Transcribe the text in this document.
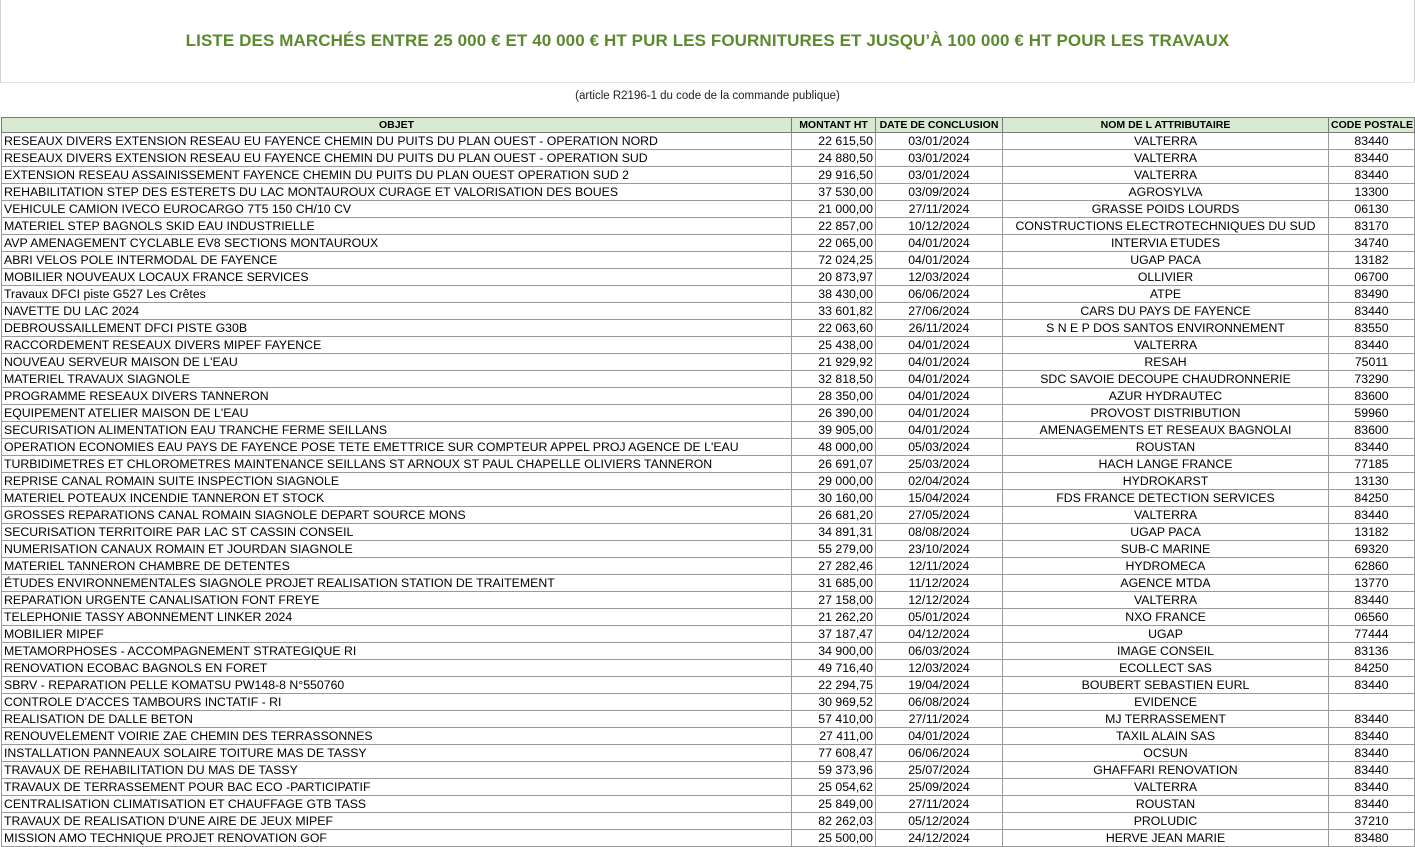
LISTE DES MARCHÉS ENTRE 25 000 € ET 40 000 € HT PUR LES FOURNITURES ET JUSQU’À 100 000 € HT POUR LES TRAVAUX
(article R2196-1 du code de la commande publique)
OBJET	MONTANT HT	DATE DE CONCLUSION	NOM DE L ATTRIBUTAIRE	CODE POSTALE
RESEAUX DIVERS EXTENSION RESEAU EU FAYENCE CHEMIN DU PUITS DU PLAN OUEST - OPERATION NORD	22 615,50	03/01/2024	VALTERRA	83440
RESEAUX DIVERS EXTENSION RESEAU EU FAYENCE CHEMIN DU PUITS DU PLAN OUEST - OPERATION SUD	24 880,50	03/01/2024	VALTERRA	83440
EXTENSION RESEAU ASSAINISSEMENT FAYENCE CHEMIN DU PUITS DU PLAN OUEST OPERATION SUD 2	29 916,50	03/01/2024	VALTERRA	83440
REHABILITATION STEP DES ESTERETS DU LAC MONTAUROUX CURAGE ET VALORISATION DES BOUES	37 530,00	03/09/2024	AGROSYLVA	13300
VEHICULE CAMION IVECO EUROCARGO 7T5 150 CH/10 CV	21 000,00	27/11/2024	GRASSE POIDS LOURDS	06130
MATERIEL STEP BAGNOLS SKID EAU INDUSTRIELLE	22 857,00	10/12/2024	CONSTRUCTIONS ELECTROTECHNIQUES DU SUD	83170
AVP AMENAGEMENT CYCLABLE EV8 SECTIONS MONTAUROUX	22 065,00	04/01/2024	INTERVIA ETUDES	34740
ABRI VELOS POLE INTERMODAL DE FAYENCE	72 024,25	04/01/2024	UGAP PACA	13182
MOBILIER NOUVEAUX LOCAUX FRANCE SERVICES	20 873,97	12/03/2024	OLLIVIER	06700
Travaux DFCI piste G527 Les Crêtes	38 430,00	06/06/2024	ATPE	83490
NAVETTE DU LAC 2024	33 601,82	27/06/2024	CARS DU PAYS DE FAYENCE	83440
DEBROUSSAILLEMENT DFCI PISTE G30B	22 063,60	26/11/2024	S N E P DOS SANTOS ENVIRONNEMENT	83550
RACCORDEMENT RESEAUX DIVERS MIPEF FAYENCE	25 438,00	04/01/2024	VALTERRA	83440
NOUVEAU SERVEUR MAISON DE L'EAU	21 929,92	04/01/2024	RESAH	75011
MATERIEL TRAVAUX SIAGNOLE	32 818,50	04/01/2024	SDC SAVOIE DECOUPE CHAUDRONNERIE	73290
PROGRAMME RESEAUX DIVERS TANNERON	28 350,00	04/01/2024	AZUR HYDRAUTEC	83600
EQUIPEMENT ATELIER MAISON DE L'EAU	26 390,00	04/01/2024	PROVOST DISTRIBUTION	59960
SECURISATION ALIMENTATION EAU TRANCHE FERME SEILLANS	39 905,00	04/01/2024	AMENAGEMENTS ET RESEAUX BAGNOLAI	83600
OPERATION ECONOMIES EAU PAYS DE FAYENCE POSE TETE EMETTRICE SUR COMPTEUR APPEL PROJ AGENCE DE L'EAU	48 000,00	05/03/2024	ROUSTAN	83440
TURBIDIMETRES ET CHLOROMETRES MAINTENANCE SEILLANS ST ARNOUX ST PAUL CHAPELLE OLIVIERS TANNERON	26 691,07	25/03/2024	HACH LANGE FRANCE	77185
REPRISE CANAL ROMAIN SUITE INSPECTION SIAGNOLE	29 000,00	02/04/2024	HYDROKARST	13130
MATERIEL POTEAUX INCENDIE TANNERON ET STOCK	30 160,00	15/04/2024	FDS FRANCE DETECTION SERVICES	84250
GROSSES REPARATIONS CANAL ROMAIN SIAGNOLE DEPART SOURCE MONS	26 681,20	27/05/2024	VALTERRA	83440
SECURISATION TERRITOIRE PAR LAC ST CASSIN CONSEIL	34 891,31	08/08/2024	UGAP PACA	13182
NUMERISATION CANAUX ROMAIN ET JOURDAN SIAGNOLE	55 279,00	23/10/2024	SUB-C MARINE	69320
MATERIEL TANNERON CHAMBRE DE DETENTES	27 282,46	12/11/2024	HYDROMECA	62860
ÉTUDES ENVIRONNEMENTALES SIAGNOLE PROJET REALISATION STATION DE TRAITEMENT	31 685,00	11/12/2024	AGENCE MTDA	13770
REPARATION URGENTE CANALISATION FONT FREYE	27 158,00	12/12/2024	VALTERRA	83440
TELEPHONIE TASSY ABONNEMENT LINKER 2024	21 262,20	05/01/2024	NXO FRANCE	06560
MOBILIER MIPEF	37 187,47	04/12/2024	UGAP	77444
METAMORPHOSES - ACCOMPAGNEMENT STRATEGIQUE RI	34 900,00	06/03/2024	IMAGE CONSEIL	83136
RENOVATION ECOBAC BAGNOLS EN FORET	49 716,40	12/03/2024	ECOLLECT SAS	84250
SBRV - REPARATION PELLE KOMATSU PW148-8 N°550760	22 294,75	19/04/2024	BOUBERT SEBASTIEN EURL	83440
CONTROLE D'ACCES TAMBOURS INCTATIF - RI	30 969,52	06/08/2024	EVIDENCE	
REALISATION DE DALLE BETON	57 410,00	27/11/2024	MJ TERRASSEMENT	83440
RENOUVELEMENT VOIRIE ZAE CHEMIN DES TERRASSONNES	27 411,00	04/01/2024	TAXIL ALAIN SAS	83440
INSTALLATION PANNEAUX SOLAIRE TOITURE MAS DE TASSY	77 608,47	06/06/2024	OCSUN	83440
TRAVAUX DE REHABILITATION DU MAS DE TASSY	59 373,96	25/07/2024	GHAFFARI RENOVATION	83440
TRAVAUX DE TERRASSEMENT POUR BAC ECO -PARTICIPATIF	25 054,62	25/09/2024	VALTERRA	83440
CENTRALISATION CLIMATISATION ET CHAUFFAGE GTB TASS	25 849,00	27/11/2024	ROUSTAN	83440
TRAVAUX DE REALISATION D'UNE AIRE DE JEUX MIPEF	82 262,03	05/12/2024	PROLUDIC	37210
MISSION AMO TECHNIQUE PROJET RENOVATION GOF	25 500,00	24/12/2024	HERVE JEAN MARIE	83480
